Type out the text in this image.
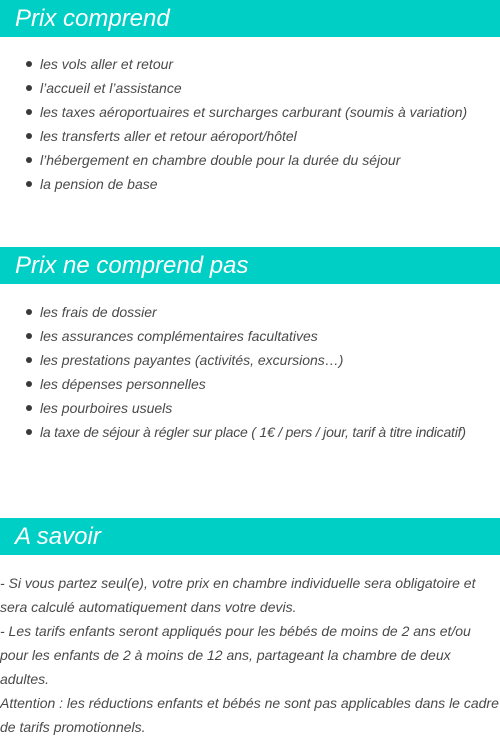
Prix comprend
les vols aller et retour
l’accueil et l’assistance
les taxes aéroportuaires et surcharges carburant (soumis à variation)
les transferts aller et retour aéroport/hôtel
l’hébergement en chambre double pour la durée du séjour
la pension de base
Prix ne comprend pas
les frais de dossier
les assurances complémentaires facultatives
les prestations payantes (activités, excursions…)
les dépenses personnelles
les pourboires usuels
la taxe de séjour à régler sur place ( 1€ / pers / jour, tarif à titre indicatif)
A savoir

- Si vous partez seul(e), votre prix en chambre individuelle sera obligatoire et sera calculé automatiquement dans votre devis.

- Les tarifs enfants seront appliqués pour les bébés de moins de 2 ans et/ou pour les enfants de 2 à moins de 12 ans, partageant la chambre de deux adultes.

Attention : les réductions enfants et bébés ne sont pas applicables dans le cadre de tarifs promotionnels.
